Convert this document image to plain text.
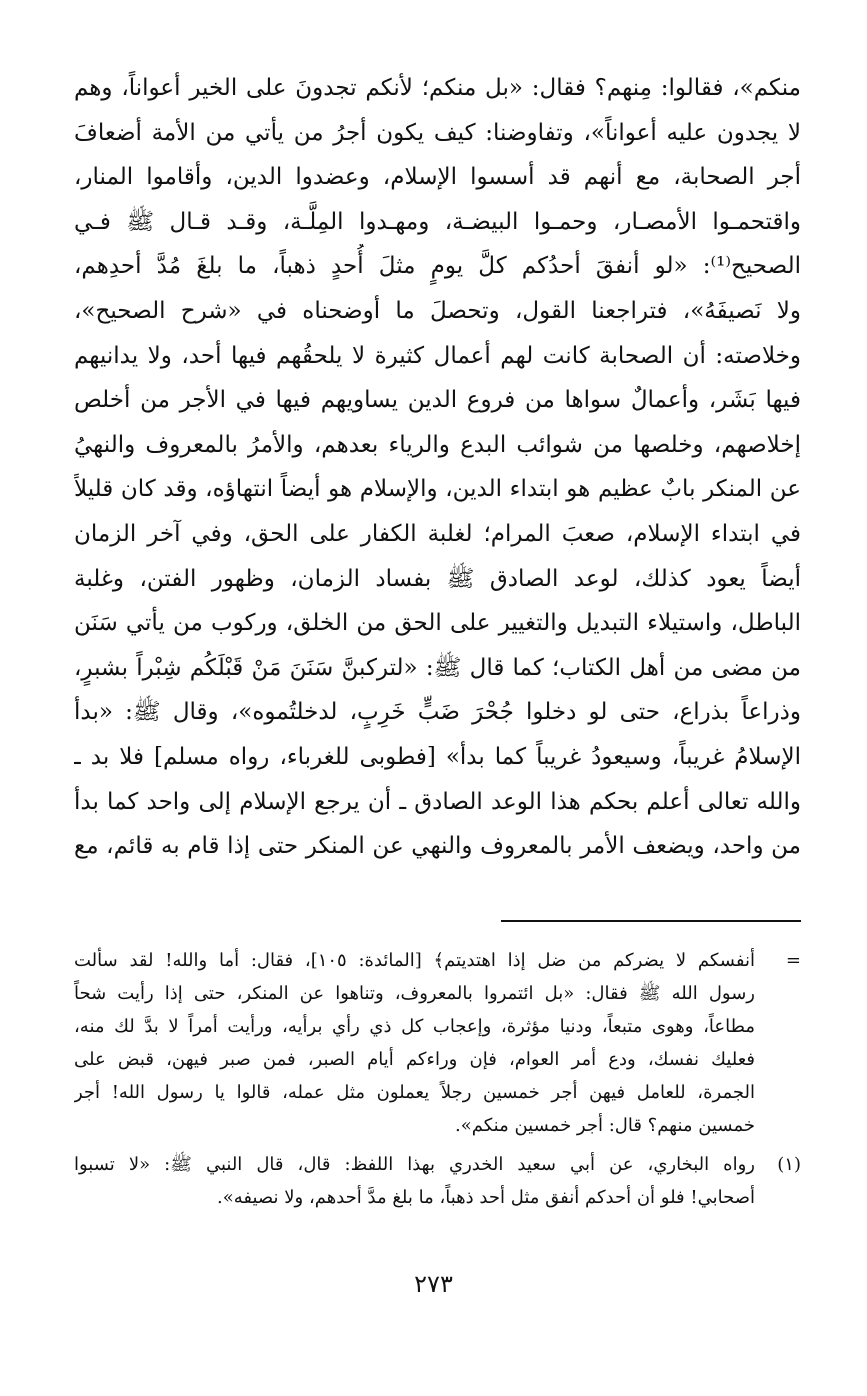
منكم»، فقالوا: مِنهم؟ فقال: «بل منكم؛ لأنكم تجدونَ على الخير أعواناً، وهم
لا يجدون عليه أعواناً»، وتفاوضنا: كيف يكون أجرُ من يأتي من الأمة أضعافَ
أجر الصحابة، مع أنهم قد أسسوا الإسلام، وعضدوا الدين، وأقاموا المنار،
واقتحمـوا الأمصـار، وحمـوا البيضـة، ومهـدوا المِلَّـة، وقـد قـال ﷺ فـي
الصحيح⁽¹⁾: «لو أنفقَ أحدُكم كلَّ يومٍ مثلَ أُحدٍ ذهباً، ما بلغَ مُدَّ أحدِهم،
ولا نَصيفَهُ»، فتراجعنا القول، وتحصلَ ما أوضحناه في «شرح الصحيح»،
وخلاصته: أن الصحابة كانت لهم أعمال كثيرة لا يلحقُهم فيها أحد، ولا يدانيهم
فيها بَشَر، وأعمالٌ سواها من فروع الدين يساويهم فيها في الأجر من أخلص
إخلاصهم، وخلصها من شوائب البدع والرياء بعدهم، والأمرُ بالمعروف والنهيُ
عن المنكر بابٌ عظيم هو ابتداء الدين، والإسلام هو أيضاً انتهاؤه، وقد كان قليلاً
في ابتداء الإسلام، صعبَ المرام؛ لغلبة الكفار على الحق، وفي آخر الزمان
أيضاً يعود كذلك، لوعد الصادق ﷺ بفساد الزمان، وظهور الفتن، وغلبة
الباطل، واستيلاء التبديل والتغيير على الحق من الخلق، وركوب من يأتي سَنَن
من مضى من أهل الكتاب؛ كما قال ﷺ: «لتركبنَّ سَنَنَ مَنْ قَبْلَكُم شِبْراً بشبرٍ،
وذراعاً بذراع، حتى لو دخلوا جُحْرَ ضَبٍّ خَرِبٍ، لدخلتُموه»، وقال ﷺ: «بدأ
الإسلامُ غريباً، وسيعودُ غريباً كما بدأ» [فطوبى للغرباء، رواه مسلم] فلا بد ـ
والله تعالى أعلم بحكم هذا الوعد الصادق ـ أن يرجع الإسلام إلى واحد كما بدأ
من واحد، ويضعف الأمر بالمعروف والنهي عن المنكر حتى إذا قام به قائم، مع
=
أنفسكم لا يضركم من ضل إذا اهتديتم﴾ [المائدة: ١٠٥]، فقال: أما والله! لقد سألت
رسول الله ﷺ فقال: «بل ائتمروا بالمعروف، وتناهوا عن المنكر، حتى إذا رأيت شحاً
مطاعاً، وهوى متبعاً، ودنيا مؤثرة، وإعجاب كل ذي رأي برأيه، ورأيت أمراً لا بدَّ لك منه،
فعليك نفسك، ودع أمر العوام، فإن وراءكم أيام الصبر، فمن صبر فيهن، قبض على
الجمرة، للعامل فيهن أجر خمسين رجلاً يعملون مثل عمله، قالوا يا رسول الله! أجر
خمسين منهم؟ قال: أجر خمسين منكم».
(١)
رواه البخاري، عن أبي سعيد الخدري بهذا اللفظ: قال، قال النبي ﷺ: «لا تسبوا
أصحابي! فلو أن أحدكم أنفق مثل أحد ذهباً، ما بلغ مدَّ أحدهم، ولا نصيفه».
٢٧٣
